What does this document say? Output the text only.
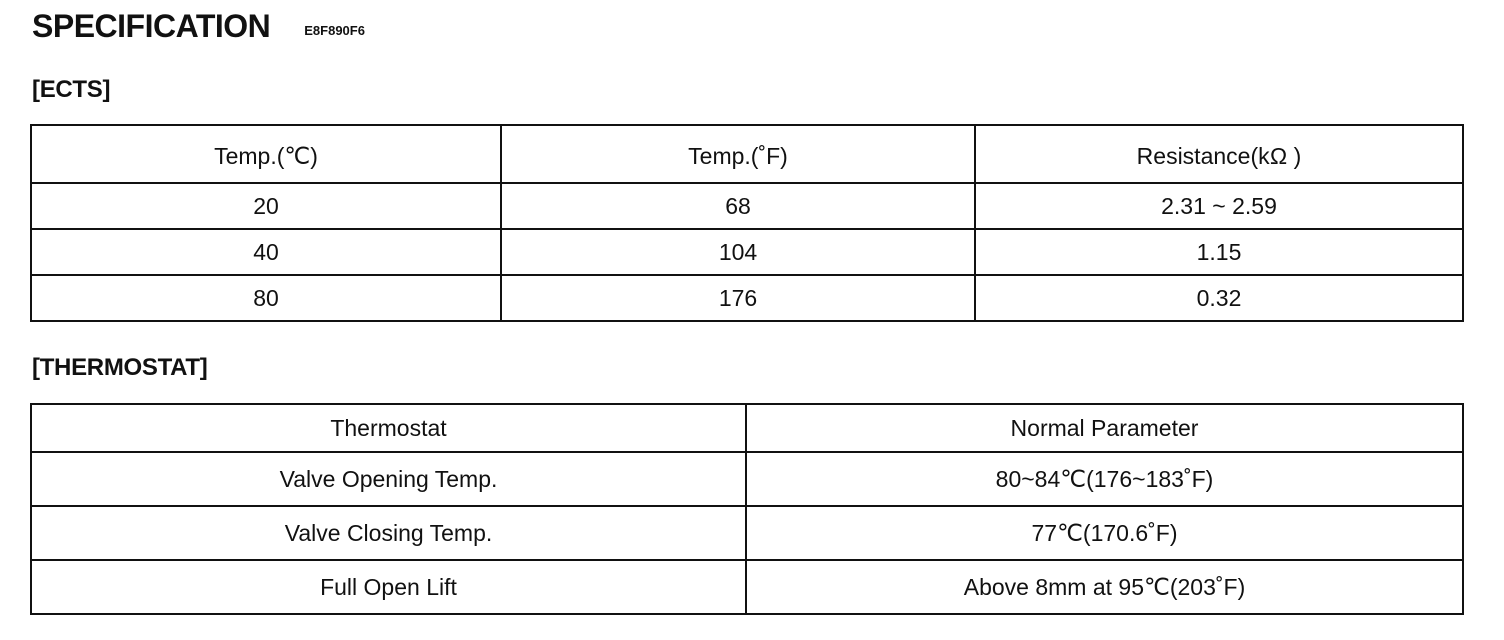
SPECIFICATION	E8F890F6
[ECTS]
Temp.(℃)	Temp.(˚F)	Resistance(kΩ )
20	68	2.31 ~ 2.59
40	104	1.15
80	176	0.32
[THERMOSTAT]
Thermostat	Normal Parameter
Valve Opening Temp.	80~84℃(176~183˚F)
Valve Closing Temp.	77℃(170.6˚F)
Full Open Lift	Above 8mm at 95℃(203˚F)
